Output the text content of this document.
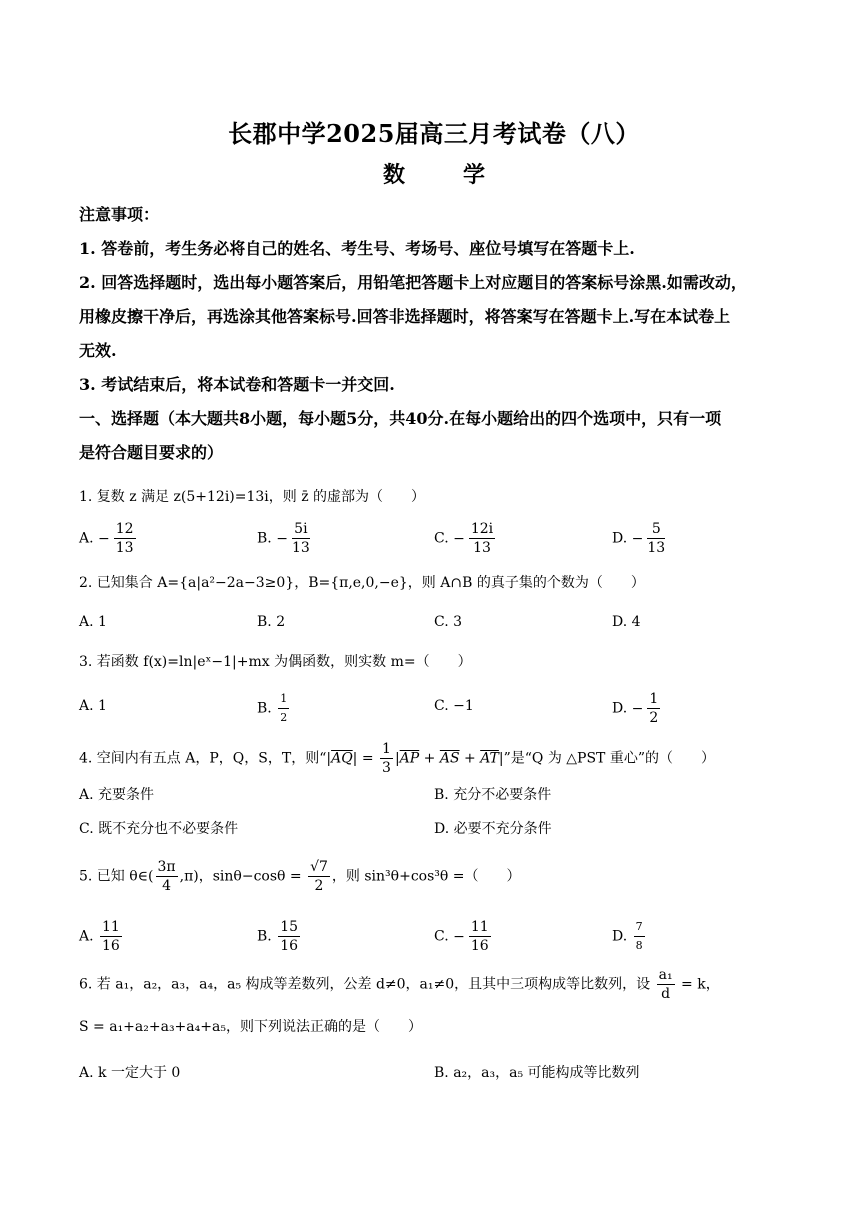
长郡中学2025届高三月考试卷（八）
数　学
注意事项：
1. 答卷前，考生务必将自己的姓名、考生号、考场号、座位号填写在答题卡上.
2. 回答选择题时，选出每小题答案后，用铅笔把答题卡上对应题目的答案标号涂黑.如需改动，
用橡皮擦干净后，再选涂其他答案标号.回答非选择题时，将答案写在答题卡上.写在本试卷上
无效.
3. 考试结束后，将本试卷和答题卡一并交回.
一、选择题（本大题共8小题，每小题5分，共40分.在每小题给出的四个选项中，只有一项
是符合题目要求的）
1. 复数 z 满足 z(5+12i)=13i，则 z̄ 的虚部为（　　）
A. − $\frac{12}{13}$	B. − $\frac{5i}{13}$	C. − $\frac{12i}{13}$	D. − $\frac{5}{13}$
2. 已知集合 A={a|a²−2a−3≥0}，B={π,e,0,−e}，则 A∩B 的真子集的个数为（　　）
A. 1	B. 2	C. 3	D. 4
3. 若函数 f(x)=ln|eˣ−1|+mx 为偶函数，则实数 m=（　　）
A. 1	B. $\frac{1}{2}$	C. −1	D. − $\frac{1}{2}$
4. 空间内有五点 A，P，Q，S，T，则“$|\overline{AQ}| = \frac{1}{3} |\overline{AP} + \overline{AS} + \overline{AT}|$”是“Q 为 △PST 重心”的（　　）
A. 充要条件	B. 充分不必要条件
C. 既不充分也不必要条件	D. 必要不充分条件
5. 已知 θ∈( $\frac{3\pi}{4} ,\pi$)，$\sin\theta-\cos\theta = \frac{√7}{2}$ ，则 sin³θ+cos³θ =（　　）
A. $\frac{11}{16}$	B. $\frac{15}{16}$	C. − $\frac{11}{16}$	D. $\frac{7}{8}$
6. 若 a₁，a₂，a₃，a₄，a₅ 构成等差数列，公差 d≠0，a₁≠0，且其中三项构成等比数列，设 $\frac{\text{a₁}}{d} = k$，
S = a₁+a₂+a₃+a₄+a₅，则下列说法正确的是（　　）
A. k 一定大于 0	B. a₂，a₃，a₅ 可能构成等比数列
